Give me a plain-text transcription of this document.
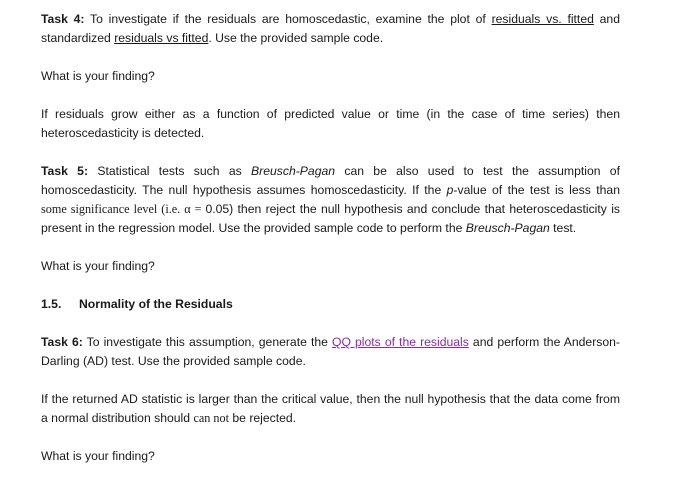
Task 4: To investigate if the residuals are homoscedastic, examine the plot of residuals vs. fitted and standardized residuals vs fitted. Use the provided sample code.

What is your finding?

If residuals grow either as a function of predicted value or time (in the case of time series) then heteroscedasticity is detected.

Task 5: Statistical tests such as Breusch-Pagan can be also used to test the assumption of homoscedasticity. The null hypothesis assumes homoscedasticity. If the p-value of the test is less than some significance level (i.e. α = 0.05) then reject the null hypothesis and conclude that heteroscedasticity is present in the regression model. Use the provided sample code to perform the Breusch-Pagan test.

What is your finding?

1.5. Normality of the Residuals

Task 6: To investigate this assumption, generate the QQ plots of the residuals and perform the Anderson-Darling (AD) test. Use the provided sample code.

If the returned AD statistic is larger than the critical value, then the null hypothesis that the data come from a normal distribution should can not be rejected.

What is your finding?
